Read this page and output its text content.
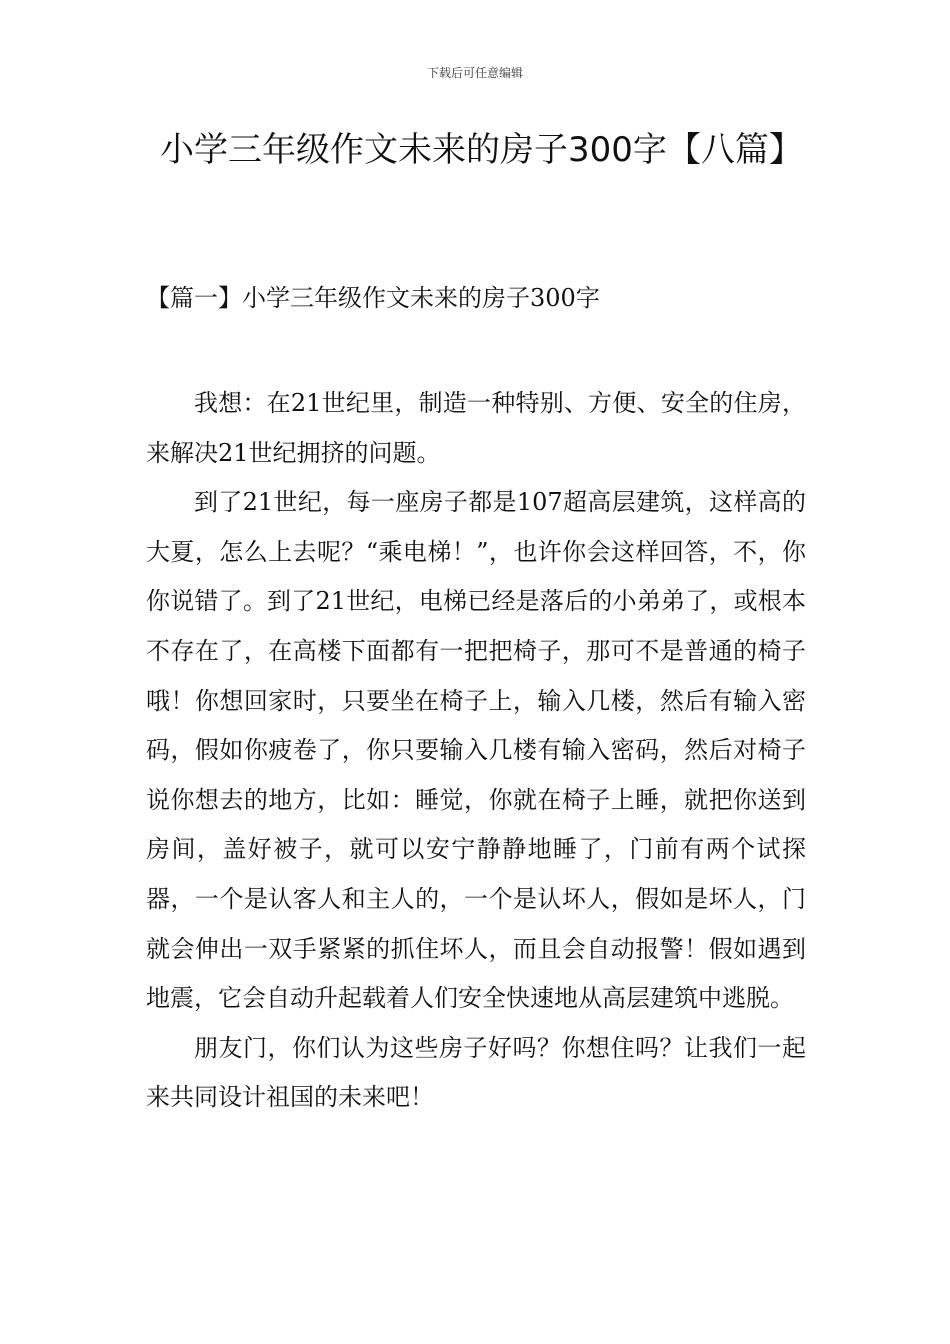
下载后可任意编辑
小学三年级作文未来的房子300字【八篇】
【篇一】小学三年级作文未来的房子300字

我想：在21世纪里，制造一种特别、方便、安全的住房，来解决21世纪拥挤的问题。

到了21世纪，每一座房子都是107超高层建筑，这样高的大夏，怎么上去呢？“乘电梯！”，也许你会这样回答，不，你你说错了。到了21世纪，电梯已经是落后的小弟弟了，或根本不存在了，在高楼下面都有一把把椅子，那可不是普通的椅子哦！你想回家时，只要坐在椅子上，输入几楼，然后有输入密码，假如你疲卷了，你只要输入几楼有输入密码，然后对椅子说你想去的地方，比如：睡觉，你就在椅子上睡，就把你送到房间，盖好被子，就可以安宁静静地睡了，门前有两个试探器，一个是认客人和主人的，一个是认坏人，假如是坏人，门就会伸出一双手紧紧的抓住坏人，而且会自动报警！假如遇到地震，它会自动升起载着人们安全快速地从高层建筑中逃脱。

朋友门，你们认为这些房子好吗？你想住吗？让我们一起来共同设计祖国的未来吧！
